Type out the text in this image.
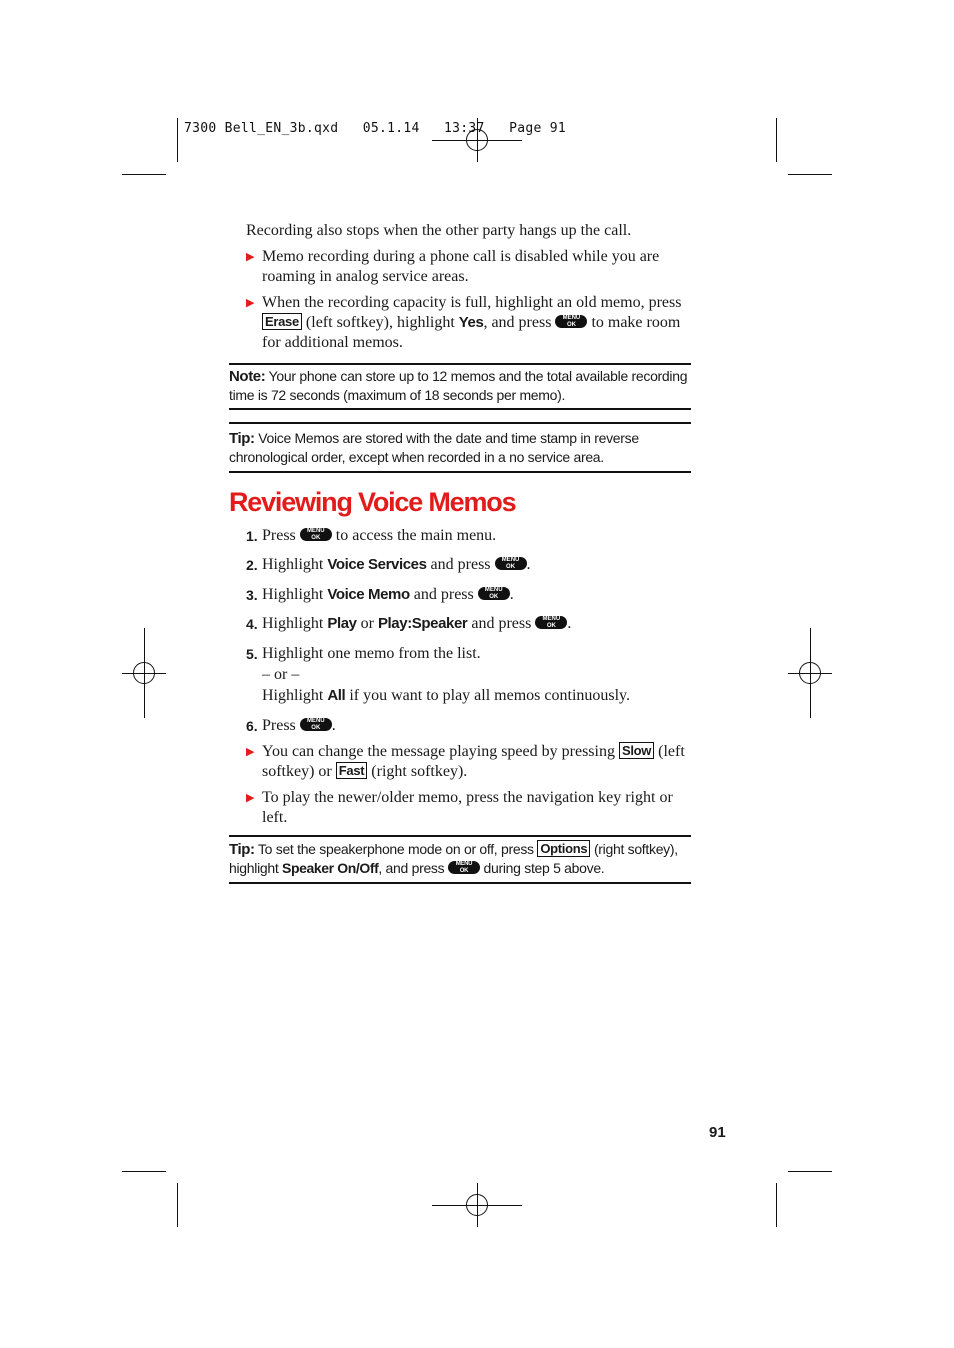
7300 Bell_EN_3b.qxd   05.1.14   13:37   Page 91
Recording also stops when the other party hangs up the call.
▶ Memo recording during a phone call is disabled while you are roaming in analog service areas.
▶ When the recording capacity is full, highlight an old memo, press Erase (left softkey), highlight Yes, and press	MENU
OK to make room for additional memos.
Note: Your phone can store up to 12 memos and the total available recording time is 72 seconds (maximum of 18 seconds per memo).
Tip: Voice Memos are stored with the date and time stamp in reverse chronological order, except when recorded in a no service area.
Reviewing Voice Memos
1. Press	MENU
OK to access the main menu.
2. Highlight Voice Services and press	MENU
OK .
3. Highlight Voice Memo and press	MENU
OK .
4. Highlight Play or Play:Speaker and press	MENU
OK .
5. Highlight one memo from the list.
– or –
Highlight All if you want to play all memos continuously.
6. Press	MENU
OK .
▶ You can change the message playing speed by pressing Slow (left softkey) or Fast (right softkey).
▶ To play the newer/older memo, press the navigation key right or left.
Tip: To set the speakerphone mode on or off, press Options (right softkey), highlight Speaker On/Off, and press	MENU
OK	during step 5 above.
91
